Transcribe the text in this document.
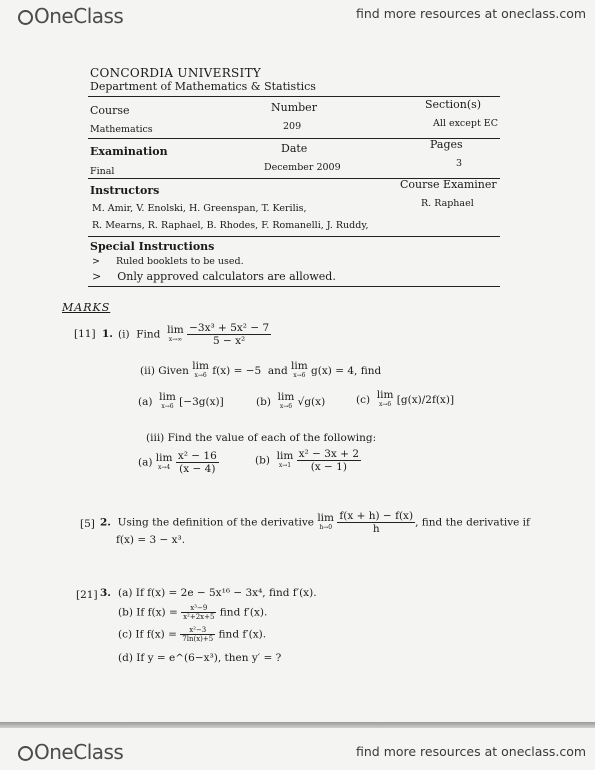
OneClass	find more resources at oneclass.com
CONCORDIA UNIVERSITY
Department of Mathematics & Statistics
Course	Number	Section(s)
Mathematics	209	All except EC
Examination	Date	Pages
Final	December 2009	3
Instructors	Course Examiner
M. Amir, V. Enolski, H. Greenspan, T. Kerilis,
R. Mearns, R. Raphael, B. Rhodes, F. Romanelli, J. Ruddy,
R. Raphael
Special Instructions
> Ruled booklets to be used.
> Only approved calculators are allowed.
MARKS
[11] 1. (i) Find lim
x→∞
$\frac{\text{−3x³ + 5x² − 7}}{\text{5 − x²}}$
(ii) Given lim
x→6 f(x) = −5 and lim
x→6 g(x) = 4, find
(a) lim
x→6 [−3g(x)]	(b) lim
x→6 √g(x)	(c) lim
x→6 [g(x)/2f(x)]
(iii) Find the value of each of the following:
(a) lim
x→4
$\frac{\text{x² − 16}}{(x - 4)}$	(b) lim
x→1
$\frac{\text{x² − 3x + 2}}{(x - 1)}$
[5] 2. Using the definition of the derivative lim
h→0
$\frac{f(x + h) - f(x)}{h}$ , find the derivative if
f(x) = 3 − x³.
[21] 3. (a) If f(x) = 2e − 5x¹⁶ − 3x⁴, find f′(x).
(b) If $f(x) = \frac{\text{x³−9}}{\text{x²+2x+5}}$ find f′(x).
(c) If $f(x) = \frac{\text{x²−3}}{7\ln(x)+5}$ find f′(x).
(d) If y = e^(6−x³), then y′ = ?
OneClass	find more resources at oneclass.com
